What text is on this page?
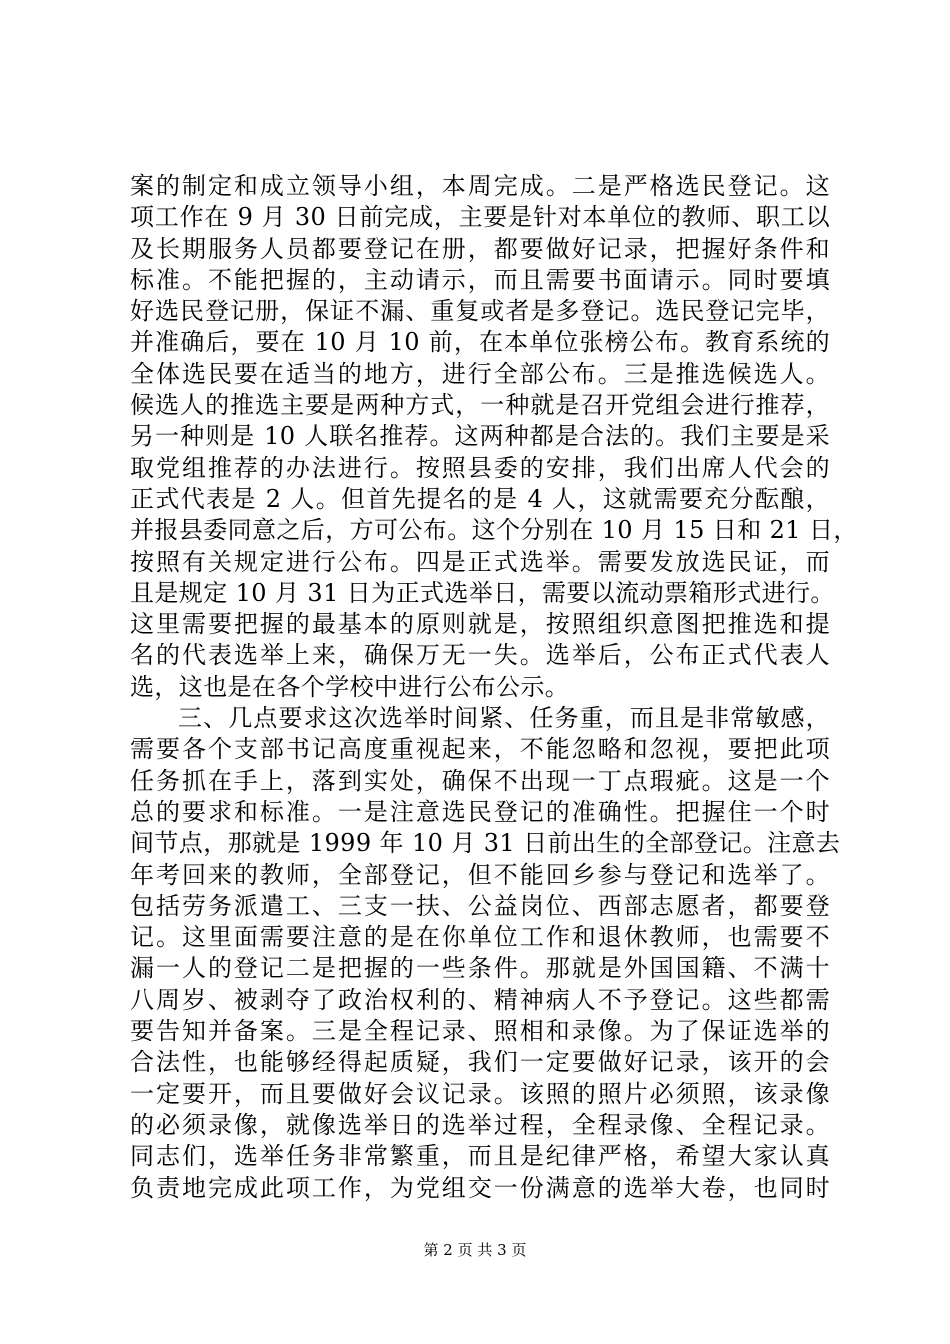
案的制定和成立领导小组，本周完成。二是严格选民登记。这
项工作在 9 月 30 日前完成，主要是针对本单位的教师、职工以
及长期服务人员都要登记在册，都要做好记录，把握好条件和
标准。不能把握的，主动请示，而且需要书面请示。同时要填
好选民登记册，保证不漏、重复或者是多登记。选民登记完毕，
并准确后，要在 10 月 10 前，在本单位张榜公布。教育系统的
全体选民要在适当的地方，进行全部公布。三是推选候选人。
候选人的推选主要是两种方式，一种就是召开党组会进行推荐，
另一种则是 10 人联名推荐。这两种都是合法的。我们主要是采
取党组推荐的办法进行。按照县委的安排，我们出席人代会的
正式代表是 2 人。但首先提名的是 4 人，这就需要充分酝酿，
并报县委同意之后，方可公布。这个分别在 10 月 15 日和 21 日，
按照有关规定进行公布。四是正式选举。需要发放选民证，而
且是规定 10 月 31 日为正式选举日，需要以流动票箱形式进行。
这里需要把握的最基本的原则就是，按照组织意图把推选和提
名的代表选举上来，确保万无一失。选举后，公布正式代表人
选，这也是在各个学校中进行公布公示。
三、几点要求这次选举时间紧、任务重，而且是非常敏感，
需要各个支部书记高度重视起来，不能忽略和忽视，要把此项
任务抓在手上，落到实处，确保不出现一丁点瑕疵。这是一个
总的要求和标准。一是注意选民登记的准确性。把握住一个时
间节点，那就是 1999 年 10 月 31 日前出生的全部登记。注意去
年考回来的教师，全部登记，但不能回乡参与登记和选举了。
包括劳务派遣工、三支一扶、公益岗位、西部志愿者，都要登
记。这里面需要注意的是在你单位工作和退休教师，也需要不
漏一人的登记二是把握的一些条件。那就是外国国籍、不满十
八周岁、被剥夺了政治权利的、精神病人不予登记。这些都需
要告知并备案。三是全程记录、照相和录像。为了保证选举的
合法性，也能够经得起质疑，我们一定要做好记录，该开的会
一定要开，而且要做好会议记录。该照的照片必须照，该录像
的必须录像，就像选举日的选举过程，全程录像、全程记录。
同志们，选举任务非常繁重，而且是纪律严格，希望大家认真
负责地完成此项工作，为党组交一份满意的选举大卷，也同时
第 2 页 共 3 页
